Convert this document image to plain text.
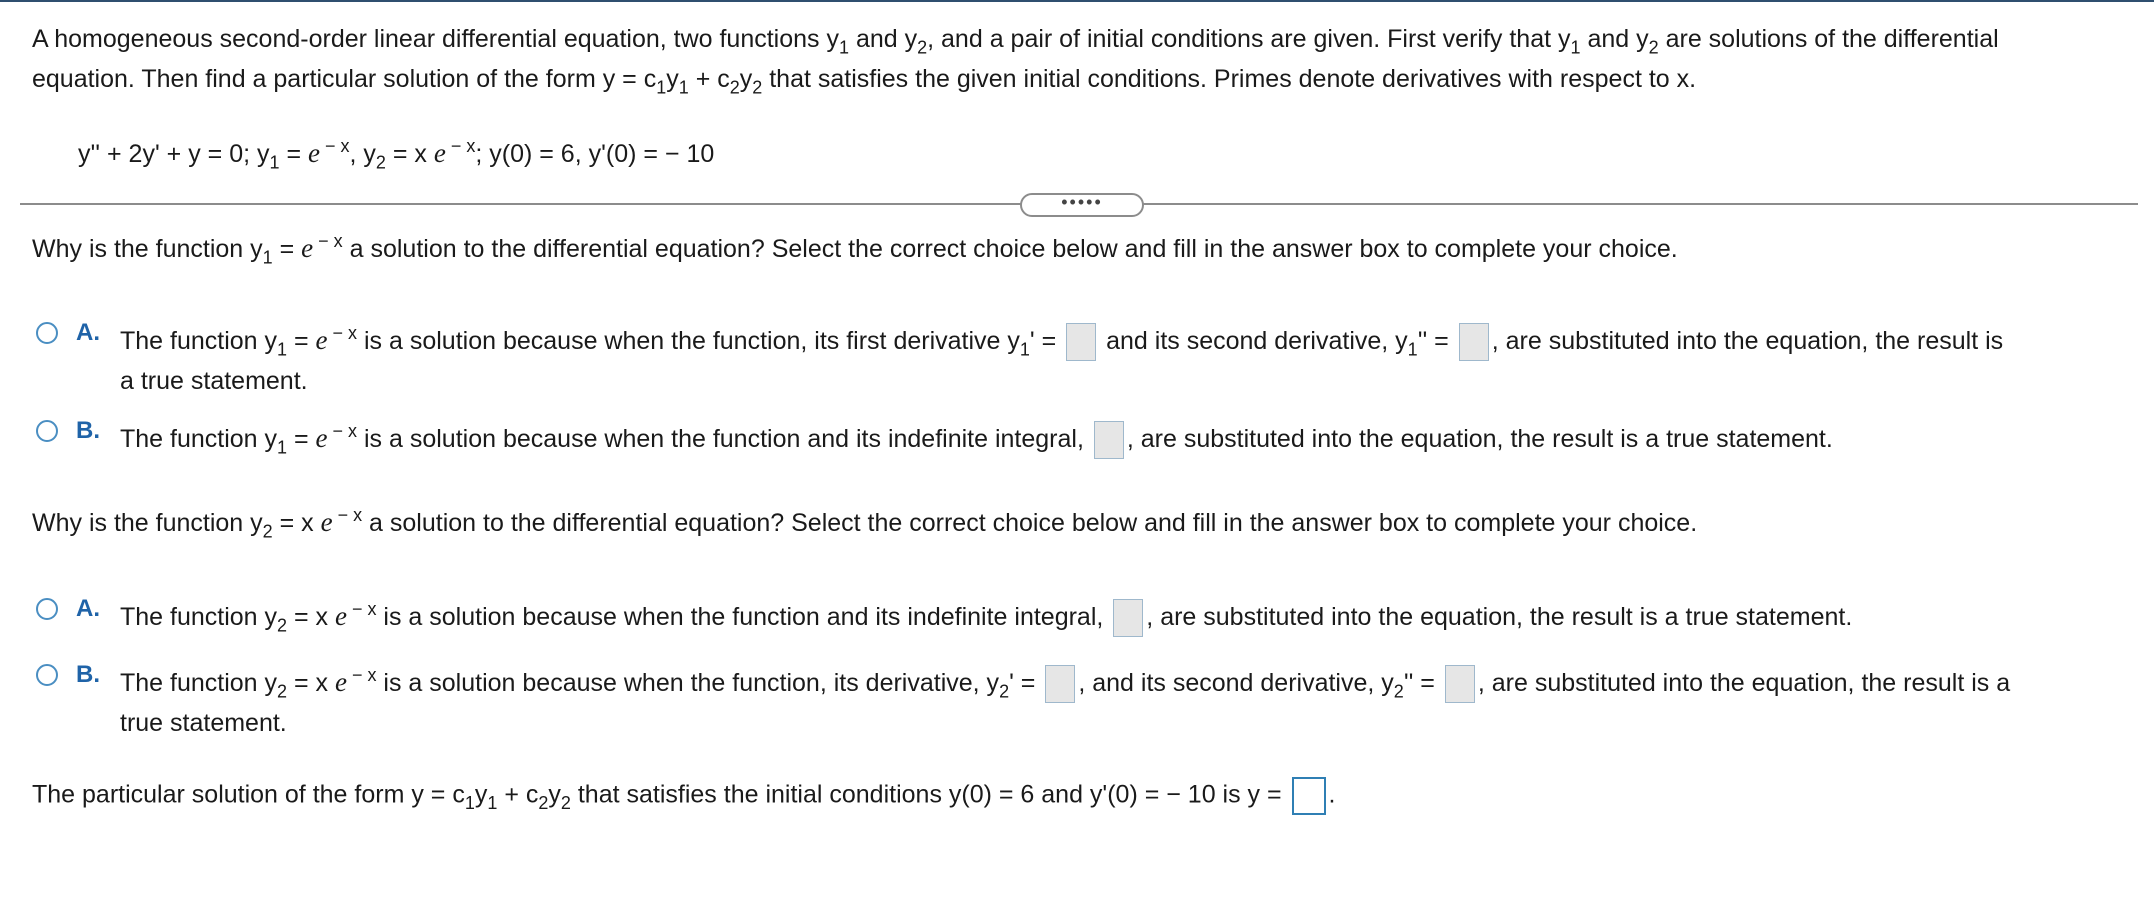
A homogeneous second-order linear differential equation, two functions $y_1$ and $y_2$, and a pair of initial conditions are given. First verify that $y_1$ and $y_2$ are solutions of the differential
equation. Then find a particular solution of the form $y = c_1y_1 + c_2y_2$ that satisfies the given initial conditions. Primes denote derivatives with respect to x.
y'' + 2y' + y = 0; $y_1 = e$ $^{- x}$, $y_2 = x$ e $^{- x}$; y(0) = 6, y'(0) = − 10
•••••
Why is the function $y_1 = e$ $^{- x}$ a solution to the differential equation? Select the correct choice below and fill in the answer box to complete your choice.
A. The function $y_1 = e$ $^{- x}$ is a solution because when the function, its first derivative $y_1'$ =  and its second derivative, $y_1''$ = , are substituted into the equation, the result is
a true statement.
B. The function $y_1 = e$ $^{- x}$ is a solution because when the function and its indefinite integral, , are substituted into the equation, the result is a true statement.
Why is the function $y_2 = x$ e $^{- x}$ a solution to the differential equation? Select the correct choice below and fill in the answer box to complete your choice.
A. The function $y_2 = x$ e $^{- x}$ is a solution because when the function and its indefinite integral, , are substituted into the equation, the result is a true statement.
B. The function $y_2 = x$ e $^{- x}$ is a solution because when the function, its derivative, $y_2'$ = , and its second derivative, $y_2''$ = , are substituted into the equation, the result is a
true statement.
The particular solution of the form $y = c_1y_1 + c_2y_2$ that satisfies the initial conditions y(0) = 6 and y'(0) = − 10 is y = .
